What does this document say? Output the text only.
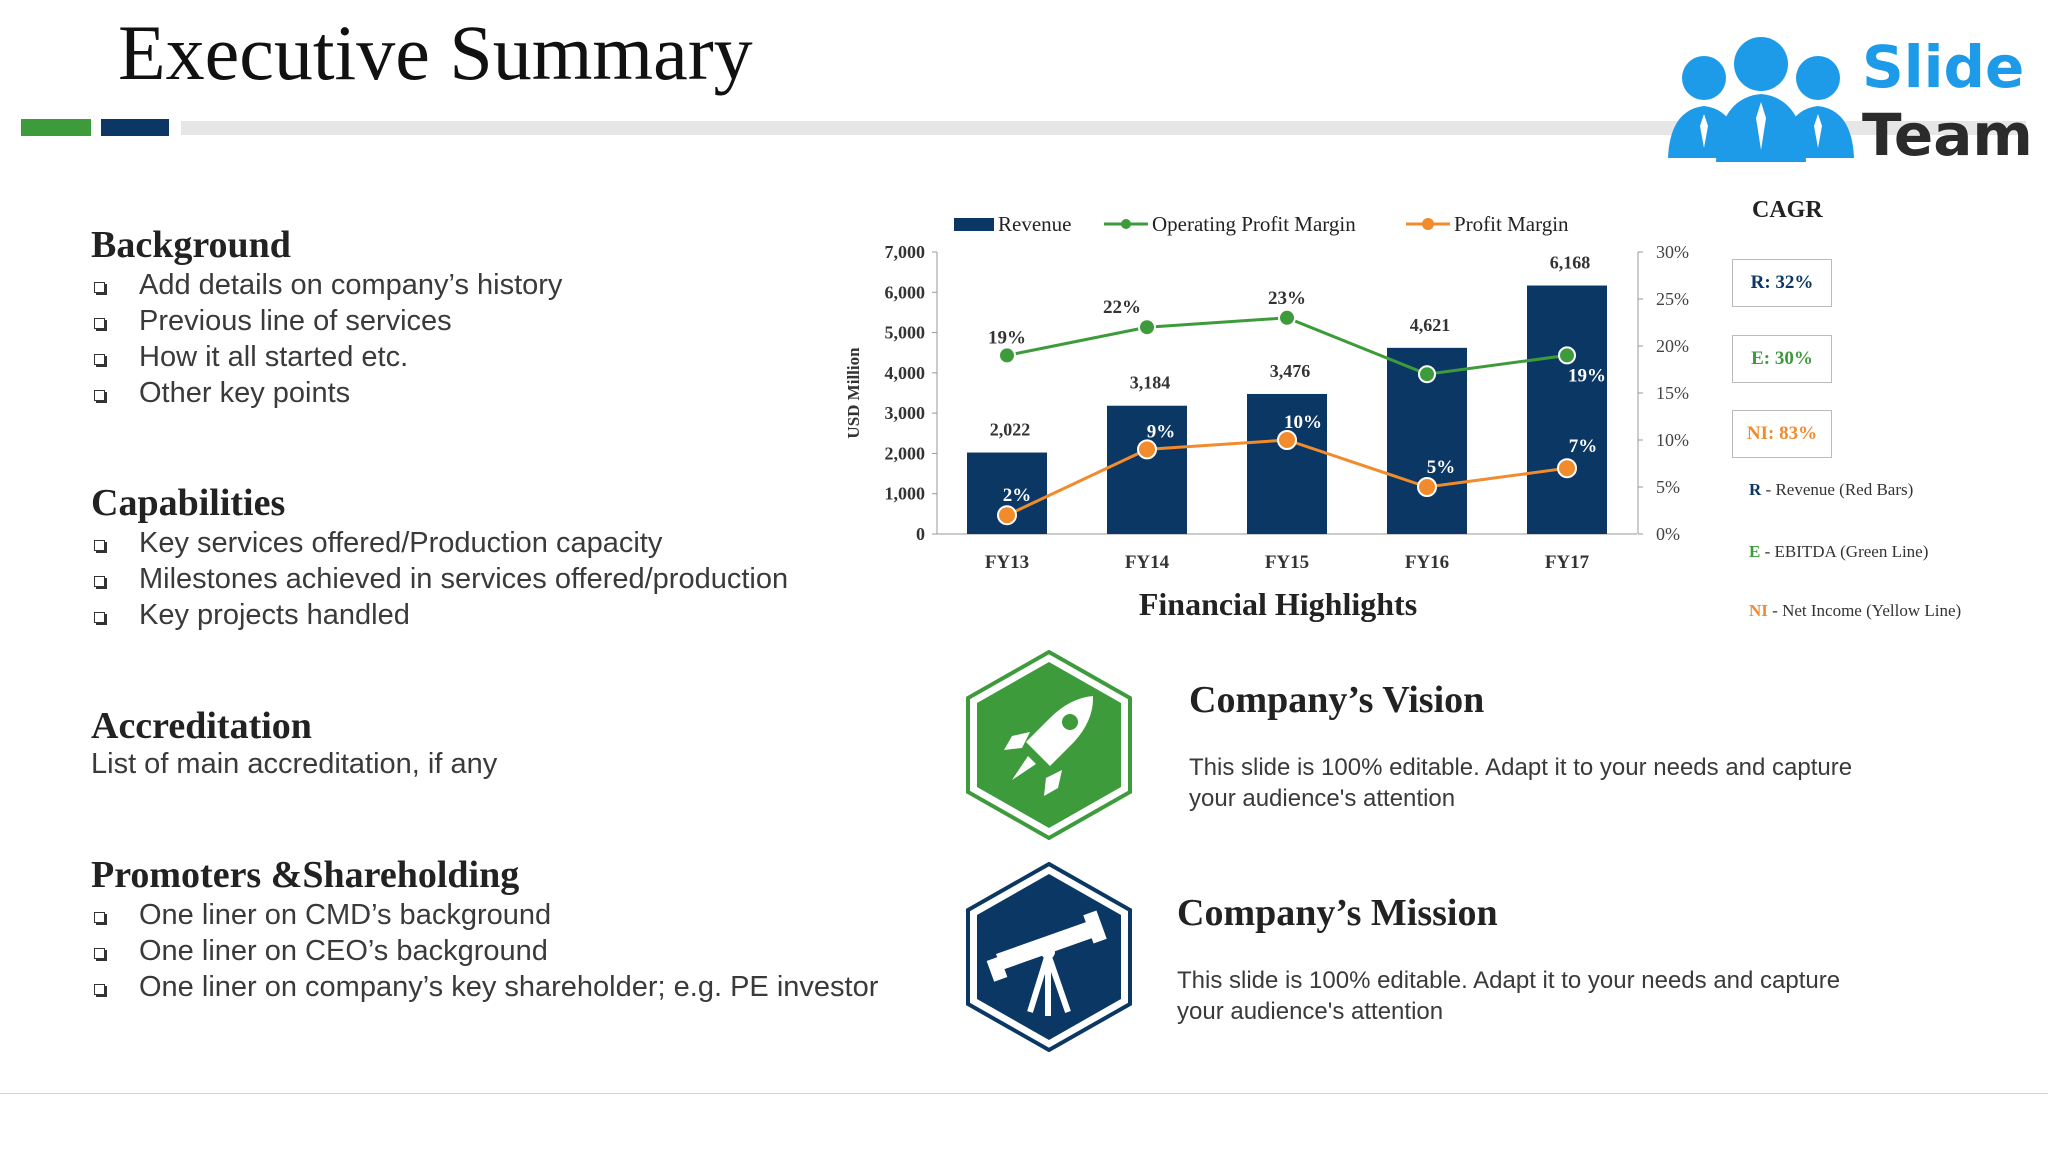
Executive Summary	Slide
Team
Background
Add details on company’s history
Previous line of services
How it all started etc.
Other key points
Capabilities
Key services offered/Production capacity
Milestones achieved in services offered/production
Key projects handled
Accreditation
List of main accreditation, if any
Promoters &Shareholding
One liner on CMD’s background
One liner on CEO’s background
One liner on company’s key shareholder; e.g. PE investor
Revenue	Operating Profit Margin	Profit Margin
0
1,000
2,000
3,000
4,000
5,000
6,000
7,000
0%
5%
10%
15%
20%
25%
30%
USD Million	2,022
3,184
3,476
4,621
6,168
FY13	FY14	FY15	FY16	FY17
19%
22%	23%
19%
2%
9%	10%
5%
7%
Financial Highlights
CAGR
R: 32%
E: 30%
NI: 83%
R - Revenue (Red Bars)
E - EBITDA (Green Line)
NI - Net Income (Yellow Line)
Company’s Vision
This slide is 100% editable. Adapt it to your needs and capture your audience's attention
Company’s Mission
This slide is 100% editable. Adapt it to your needs and capture your audience's attention
